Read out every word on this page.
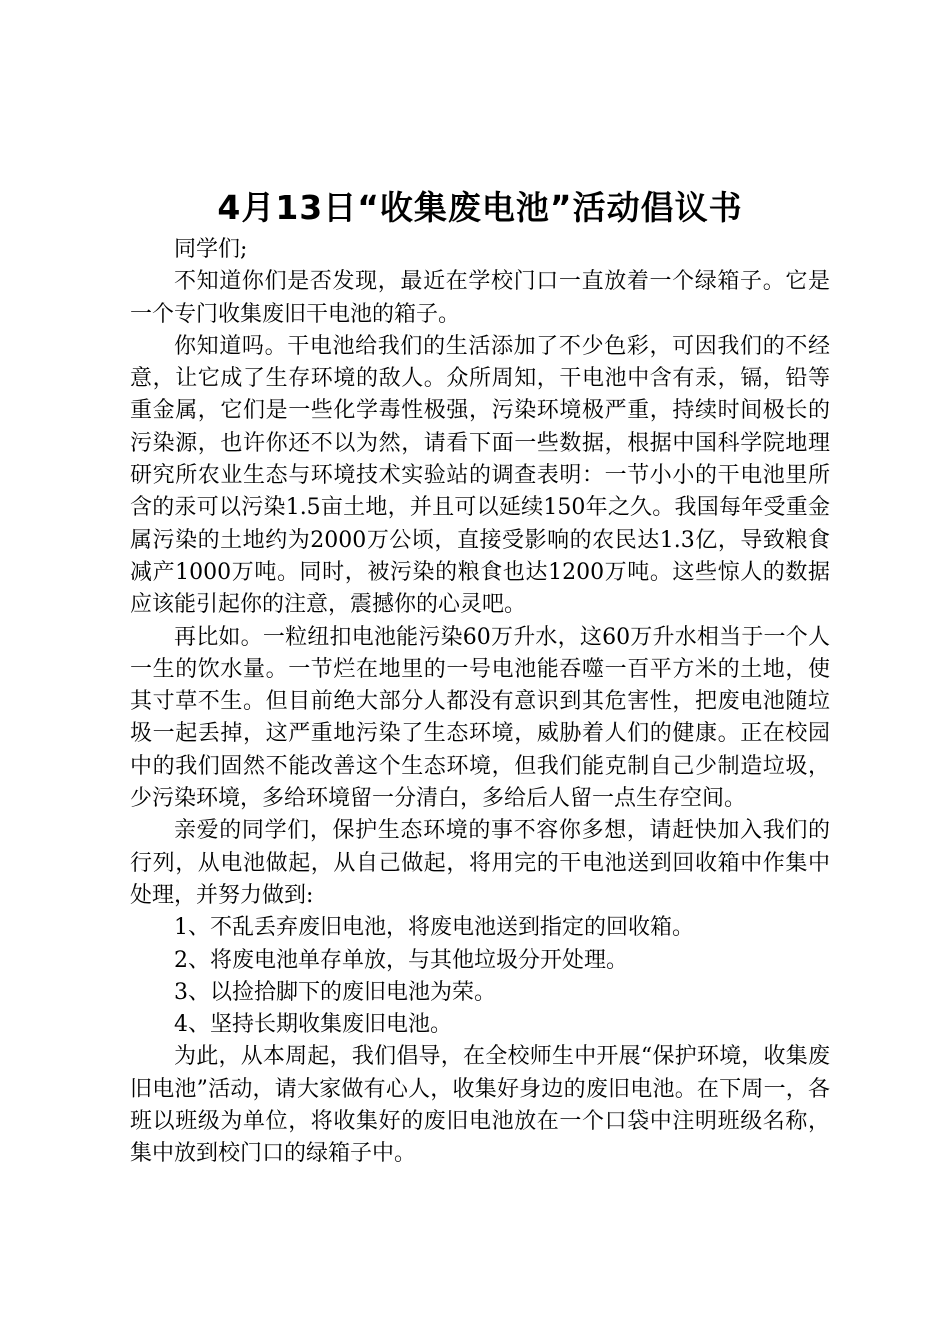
4月13日“收集废电池”活动倡议书

同学们;

不知道你们是否发现，最近在学校门口一直放着一个绿箱子。它是一个专门收集废旧干电池的箱子。

你知道吗。干电池给我们的生活添加了不少色彩，可因我们的不经意，让它成了生存环境的敌人。众所周知，干电池中含有汞，镉，铅等重金属，它们是一些化学毒性极强，污染环境极严重，持续时间极长的污染源，也许你还不以为然，请看下面一些数据，根据中国科学院地理研究所农业生态与环境技术实验站的调查表明：一节小小的干电池里所含的汞可以污染1.5亩土地，并且可以延续150年之久。我国每年受重金属污染的土地约为2000万公顷，直接受影响的农民达1.3亿，导致粮食减产1000万吨。同时，被污染的粮食也达1200万吨。这些惊人的数据应该能引起你的注意，震撼你的心灵吧。

再比如。一粒纽扣电池能污染60万升水，这60万升水相当于一个人一生的饮水量。一节烂在地里的一号电池能吞噬一百平方米的土地，使其寸草不生。但目前绝大部分人都没有意识到其危害性，把废电池随垃圾一起丢掉，这严重地污染了生态环境，威胁着人们的健康。正在校园中的我们固然不能改善这个生态环境，但我们能克制自己少制造垃圾，少污染环境，多给环境留一分清白，多给后人留一点生存空间。

亲爱的同学们，保护生态环境的事不容你多想，请赶快加入我们的行列，从电池做起，从自己做起，将用完的干电池送到回收箱中作集中处理，并努力做到:

1、不乱丢弃废旧电池，将废电池送到指定的回收箱。

2、将废电池单存单放，与其他垃圾分开处理。

3、以捡拾脚下的废旧电池为荣。

4、坚持长期收集废旧电池。

为此，从本周起，我们倡导，在全校师生中开展“保护环境，收集废旧电池”活动，请大家做有心人，收集好身边的废旧电池。在下周一，各班以班级为单位，将收集好的废旧电池放在一个口袋中注明班级名称，集中放到校门口的绿箱子中。
